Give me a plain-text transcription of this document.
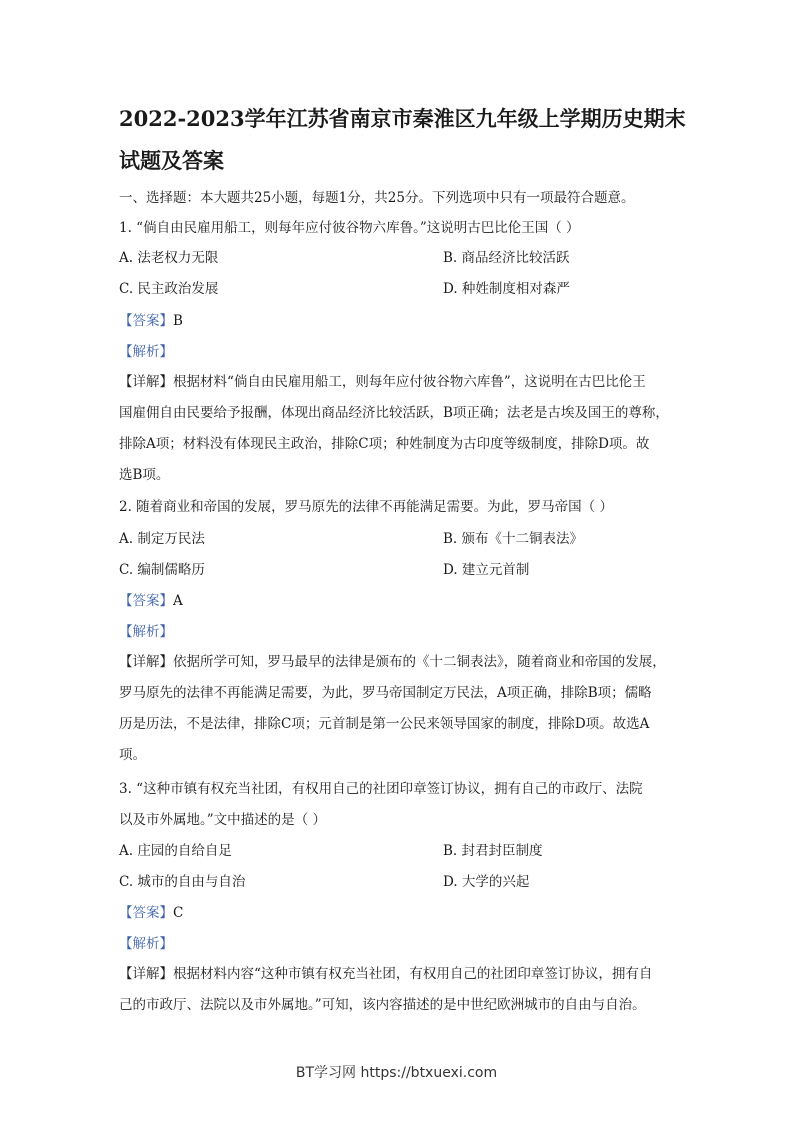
2022-2023学年江苏省南京市秦淮区九年级上学期历史期末
试题及答案
一、选择题：本大题共25小题，每题1分，共25分。下列选项中只有一项最符合题意。
1. “倘自由民雇用船工，则每年应付彼谷物六库鲁。”这说明古巴比伦王国（ ）
A. 法老权力无限	B. 商品经济比较活跃
C. 民主政治发展	D. 种姓制度相对森严
【答案】B
【解析】
【详解】根据材料“倘自由民雇用船工，则每年应付彼谷物六库鲁”，这说明在古巴比伦王
国雇佣自由民要给予报酬，体现出商品经济比较活跃，B项正确；法老是古埃及国王的尊称，
排除A项；材料没有体现民主政治，排除C项；种姓制度为古印度等级制度，排除D项。故
选B项。
2. 随着商业和帝国的发展，罗马原先的法律不再能满足需要。为此，罗马帝国（ ）
A. 制定万民法	B. 颁布《十二铜表法》
C. 编制儒略历	D. 建立元首制
【答案】A
【解析】
【详解】依据所学可知，罗马最早的法律是颁布的《十二铜表法》，随着商业和帝国的发展，
罗马原先的法律不再能满足需要，为此，罗马帝国制定万民法，A项正确，排除B项；儒略
历是历法，不是法律，排除C项；元首制是第一公民来领导国家的制度，排除D项。故选A
项。
3. “这种市镇有权充当社团，有权用自己的社团印章签订协议，拥有自己的市政厅、法院
以及市外属地。”文中描述的是（ ）
A. 庄园的自给自足	B. 封君封臣制度
C. 城市的自由与自治	D. 大学的兴起
【答案】C
【解析】
【详解】根据材料内容“这种市镇有权充当社团，有权用自己的社团印章签订协议，拥有自
己的市政厅、法院以及市外属地。”可知，该内容描述的是中世纪欧洲城市的自由与自治。
BT学习网 https://btxuexi.com
